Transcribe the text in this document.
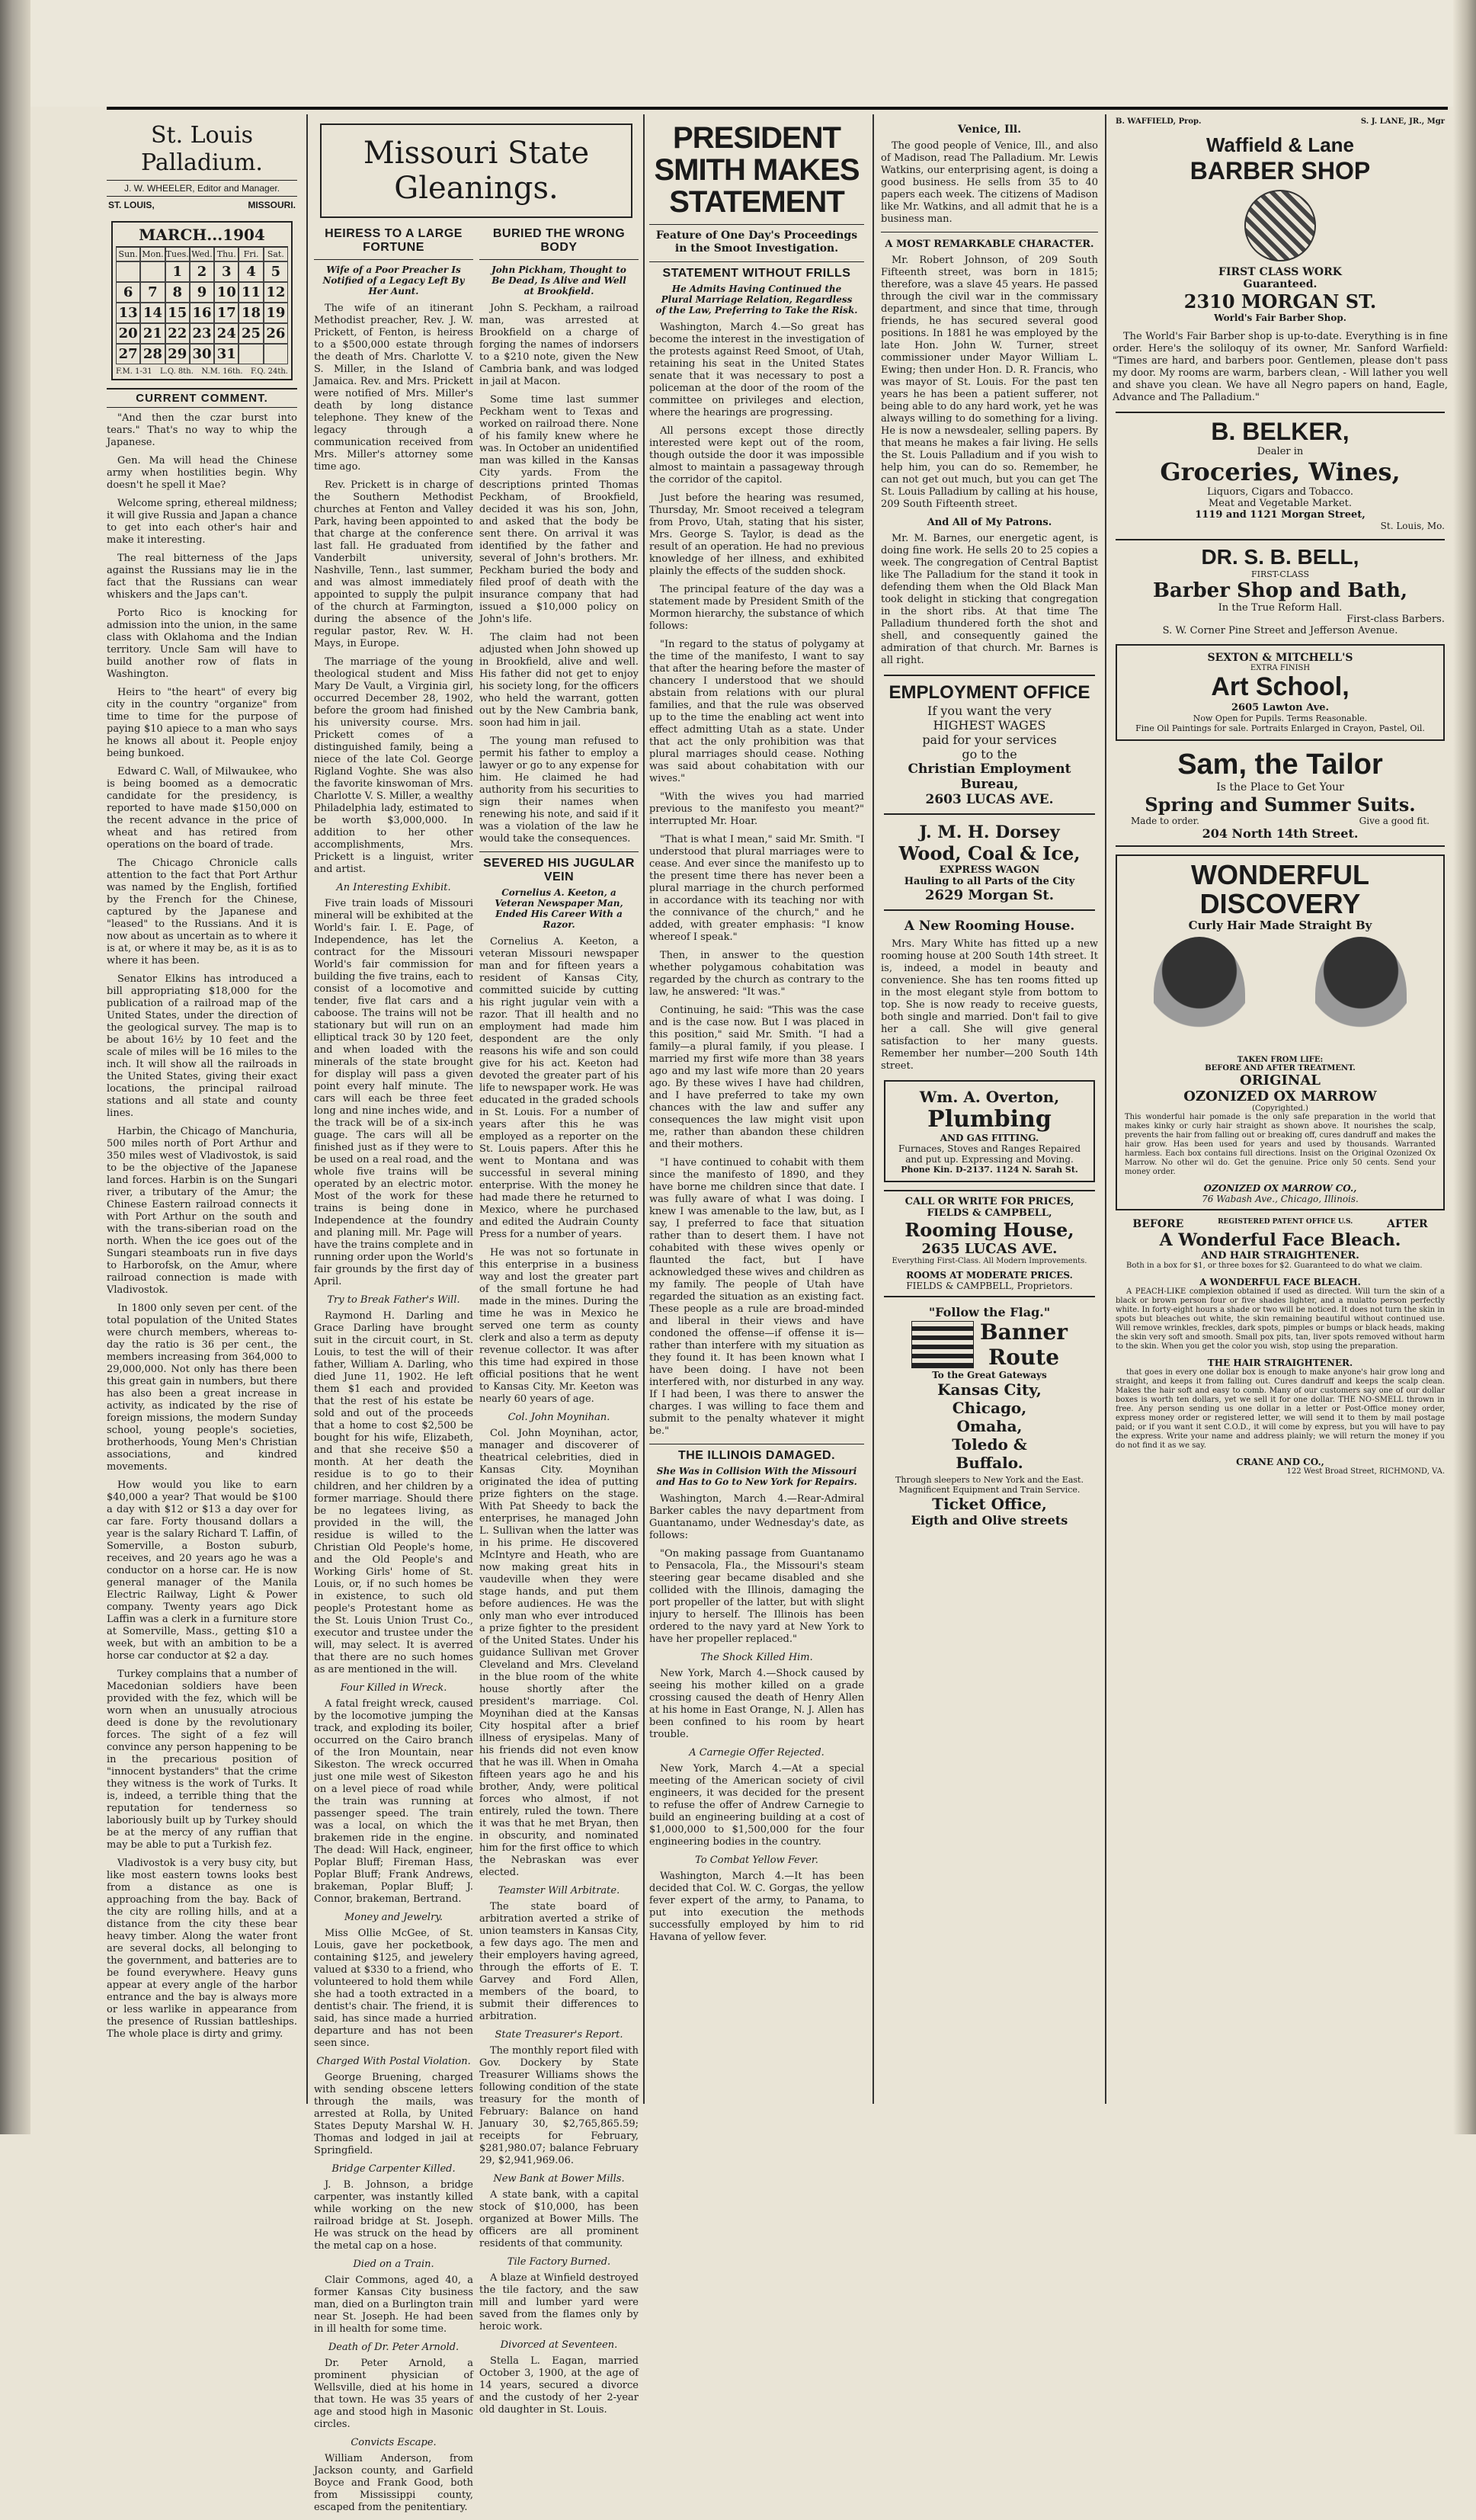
St. Louis Palladium.
J. W. WHEELER, Editor and Manager.
ST. LOUIS,	MISSOURI.
MARCH...1904
Sun. Mon. Tues. Wed. Thu. Fri.	Sat.
1	2	3	4	5
6	7	8	9 10 11 12
13 14 15 16 17 18 19
20 21 22 23 24 25 26
27 28 29 30 31
F.M. 1-31 L.Q. 8th. N.M. 16th. F.Q. 24th.
CURRENT COMMENT.

"And then the czar burst into tears." That's no way to whip the Japanese.

Gen. Ma will head the Chinese army when hostilities begin. Why doesn't he spell it Mae?

Welcome spring, ethereal mildness; it will give Russia and Japan a chance to get into each other's hair and make it interesting.

The real bitterness of the Japs against the Russians may lie in the fact that the Russians can wear whiskers and the Japs can't.

Porto Rico is knocking for admission into the union, in the same class with Oklahoma and the Indian territory. Uncle Sam will have to build another row of flats in Washington.

Heirs to "the heart" of every big city in the country "organize" from time to time for the purpose of paying $10 apiece to a man who says he knows all about it. People enjoy being bunkoed.

Edward C. Wall, of Milwaukee, who is being boomed as a democratic candidate for the presidency, is reported to have made $150,000 on the recent advance in the price of wheat and has retired from operations on the board of trade.

The Chicago Chronicle calls attention to the fact that Port Arthur was named by the English, fortified by the French for the Chinese, captured by the Japanese and "leased" to the Russians. And it is now about as uncertain as to where it is at, or where it may be, as it is as to where it has been.

Senator Elkins has introduced a bill appropriating $18,000 for the publication of a railroad map of the United States, under the direction of the geological survey. The map is to be about 16½ by 10 feet and the scale of miles will be 16 miles to the inch. It will show all the railroads in the United States, giving their exact locations, the principal railroad stations and all state and county lines.

Harbin, the Chicago of Manchuria, 500 miles north of Port Arthur and 350 miles west of Vladivostok, is said to be the objective of the Japanese land forces. Harbin is on the Sungari river, a tributary of the Amur; the Chinese Eastern railroad connects it with Port Arthur on the south and with the trans-siberian road on the north. When the ice goes out of the Sungari steamboats run in five days to Harborofsk, on the Amur, where railroad connection is made with Vladivostok.

In 1800 only seven per cent. of the total population of the United States were church members, whereas to-day the ratio is 36 per cent., the members increasing from 364,000 to 29,000,000. Not only has there been this great gain in numbers, but there has also been a great increase in activity, as indicated by the rise of foreign missions, the modern Sunday school, young people's societies, brotherhoods, Young Men's Christian associations, and kindred movements.

How would you like to earn $40,000 a year? That would be $100 a day with $12 or $13 a day over for car fare. Forty thousand dollars a year is the salary Richard T. Laffin, of Somerville, a Boston suburb, receives, and 20 years ago he was a conductor on a horse car. He is now general manager of the Manila Electric Railway, Light & Power company. Twenty years ago Dick Laffin was a clerk in a furniture store at Somerville, Mass., getting $10 a week, but with an ambition to be a horse car conductor at $2 a day.

Turkey complains that a number of Macedonian soldiers have been provided with the fez, which will be worn when an unusually atrocious deed is done by the revolutionary forces. The sight of a fez will convince any person happening to be in the precarious position of "innocent bystanders" that the crime they witness is the work of Turks. It is, indeed, a terrible thing that the reputation for tenderness so laboriously built up by Turkey should be at the mercy of any ruffian that may be able to put a Turkish fez.

Vladivostok is a very busy city, but like most eastern towns looks best from a distance as one is approaching from the bay. Back of the city are rolling hills, and at a distance from the city these bear heavy timber. Along the water front are several docks, all belonging to the government, and batteries are to be found everywhere. Heavy guns appear at every angle of the harbor entrance and the bay is always more or less warlike in appearance from the presence of Russian battleships. The whole place is dirty and grimy.

Missouri State Gleanings.
HEIRESS TO A LARGE FORTUNE
Wife of a Poor Preacher Is Notified of a Legacy Left By Her Aunt.

The wife of an itinerant Methodist preacher, Rev. J. W. Prickett, of Fenton, is heiress to a $500,000 estate through the death of Mrs. Charlotte V. S. Miller, in the Island of Jamaica. Rev. and Mrs. Prickett were notified of Mrs. Miller's death by long distance telephone. They knew of the legacy through a communication received from Mrs. Miller's attorney some time ago.

Rev. Prickett is in charge of the Southern Methodist churches at Fenton and Valley Park, having been appointed to that charge at the conference last fall. He graduated from Vanderbilt university, Nashville, Tenn., last summer, and was almost immediately appointed to supply the pulpit of the church at Farmington, during the absence of the regular pastor, Rev. W. H. Mays, in Europe.

The marriage of the young theological student and Miss Mary De Vault, a Virginia girl, occurred December 28, 1902, before the groom had finished his university course. Mrs. Prickett comes of a distinguished family, being a niece of the late Col. George Rigland Voghte. She was also the favorite kinswoman of Mrs. Charlotte V. S. Miller, a wealthy Philadelphia lady, estimated to be worth $3,000,000. In addition to her other accomplishments, Mrs. Prickett is a linguist, writer and artist.

An Interesting Exhibit.

Five train loads of Missouri mineral will be exhibited at the World's fair. I. E. Page, of Independence, has let the contract for the Missouri World's fair commission for building the five trains, each to consist of a locomotive and tender, five flat cars and a caboose. The trains will not be stationary but will run on an elliptical track 30 by 120 feet, and when loaded with the minerals of the state brought for display will pass a given point every half minute. The cars will each be three feet long and nine inches wide, and the track will be of a six-inch guage. The cars will all be finished just as if they were to be used on a real road, and the whole five trains will be operated by an electric motor. Most of the work for these trains is being done in Independence at the foundry and planing mill. Mr. Page will have the trains complete and in running order upon the World's fair grounds by the first day of April.

Try to Break Father's Will.

Raymond H. Darling and Grace Darling have brought suit in the circuit court, in St. Louis, to test the will of their father, William A. Darling, who died June 11, 1902. He left them $1 each and provided that the rest of his estate be sold and out of the proceeds that a home to cost $2,500 be bought for his wife, Elizabeth, and that she receive $50 a month. At her death the residue is to go to their children, and her children by a former marriage. Should there be no legatees living, as provided in the will, the residue is willed to the Christian Old People's home, and the Old People's and Working Girls' home of St. Louis, or, if no such homes be in existence, to such old people's Protestant home as the St. Louis Union Trust Co., executor and trustee under the will, may select. It is averred that there are no such homes as are mentioned in the will.

Four Killed in Wreck.

A fatal freight wreck, caused by the locomotive jumping the track, and exploding its boiler, occurred on the Cairo branch of the Iron Mountain, near Sikeston. The wreck occurred just one mile west of Sikeston on a level piece of road while the train was running at passenger speed. The train was a local, on which the brakemen ride in the engine. The dead: Will Hack, engineer, Poplar Bluff; Fireman Hass, Poplar Bluff; Frank Andrews, brakeman, Poplar Bluff; J. Connor, brakeman, Bertrand.

Money and Jewelry.

Miss Ollie McGee, of St. Louis, gave her pocketbook, containing $125, and jewelery valued at $330 to a friend, who volunteered to hold them while she had a tooth extracted in a dentist's chair. The friend, it is said, has since made a hurried departure and has not been seen since.

Charged With Postal Violation.

George Bruening, charged with sending obscene letters through the mails, was arrested at Rolla, by United States Deputy Marshal W. H. Thomas and lodged in jail at Springfield.

Bridge Carpenter Killed.

J. B. Johnson, a bridge carpenter, was instantly killed while working on the new railroad bridge at St. Joseph. He was struck on the head by the metal cap on a hose.

Died on a Train.

Clair Commons, aged 40, a former Kansas City business man, died on a Burlington train near St. Joseph. He had been in ill health for some time.

Death of Dr. Peter Arnold.

Dr. Peter Arnold, a prominent physician of Wellsville, died at his home in that town. He was 35 years of age and stood high in Masonic circles.

Convicts Escape.

William Anderson, from Jackson county, and Garfield Boyce and Frank Good, both from Mississippi county, escaped from the penitentiary.

BURIED THE WRONG BODY
John Pickham, Thought to Be Dead, Is Alive and Well at Brookfield.

John S. Peckham, a railroad man, was arrested at Brookfield on a charge of forging the names of indorsers to a $210 note, given the New Cambria bank, and was lodged in jail at Macon.

Some time last summer Peckham went to Texas and worked on railroad there. None of his family knew where he was. In October an unidentified man was killed in the Kansas City yards. From the descriptions printed Thomas Peckham, of Brookfield, decided it was his son, John, and asked that the body be sent there. On arrival it was identified by the father and several of John's brothers. Mr. Peckham buried the body and filed proof of death with the insurance company that had issued a $10,000 policy on John's life.

The claim had not been adjusted when John showed up in Brookfield, alive and well. His father did not get to enjoy his society long, for the officers who held the warrant, gotten out by the New Cambria bank, soon had him in jail.

The young man refused to permit his father to employ a lawyer or go to any expense for him. He claimed he had authority from his securities to sign their names when renewing his note, and said if it was a violation of the law he would take the consequences.

SEVERED HIS JUGULAR VEIN
Cornelius A. Keeton, a Veteran Newspaper Man, Ended His Career With a Razor.

Cornelius A. Keeton, a veteran Missouri newspaper man and for fifteen years a resident of Kansas City, committed suicide by cutting his right jugular vein with a razor. That ill health and no employment had made him despondent are the only reasons his wife and son could give for his act. Keeton had devoted the greater part of his life to newspaper work. He was educated in the graded schools in St. Louis. For a number of years after this he was employed as a reporter on the St. Louis papers. After this he went to Montana and was successful in several mining enterprise. With the money he had made there he returned to Mexico, where he purchased and edited the Audrain County Press for a number of years.

He was not so fortunate in this enterprise in a business way and lost the greater part of the small fortune he had made in the mines. During the time he was in Mexico he served one term as county clerk and also a term as deputy revenue collector. It was after this time had expired in those official positions that he went to Kansas City. Mr. Keeton was nearly 60 years of age.

Col. John Moynihan.

Col. John Moynihan, actor, manager and discoverer of theatrical celebrities, died in Kansas City. Moynihan originated the idea of putting prize fighters on the stage. With Pat Sheedy to back the enterprises, he managed John L. Sullivan when the latter was in his prime. He discovered McIntyre and Heath, who are now making great hits in vaudeville when they were stage hands, and put them before audiences. He was the only man who ever introduced a prize fighter to the president of the United States. Under his guidance Sullivan met Grover Cleveland and Mrs. Cleveland in the blue room of the white house shortly after the president's marriage. Col. Moynihan died at the Kansas City hospital after a brief illness of erysipelas. Many of his friends did not even know that he was ill. When in Omaha fifteen years ago he and his brother, Andy, were political forces who almost, if not entirely, ruled the town. There it was that he met Bryan, then in obscurity, and nominated him for the first office to which the Nebraskan was ever elected.

Teamster Will Arbitrate.

The state board of arbitration averted a strike of union teamsters in Kansas City, a few days ago. The men and their employers having agreed, through the efforts of E. T. Garvey and Ford Allen, members of the board, to submit their differences to arbitration.

State Treasurer's Report.

The monthly report filed with Gov. Dockery by State Treasurer Williams shows the following condition of the state treasury for the month of February: Balance on hand January 30, $2,765,865.59; receipts for February, $281,980.07; balance February 29, $2,941,969.06.

New Bank at Bower Mills.

A state bank, with a capital stock of $10,000, has been organized at Bower Mills. The officers are all prominent residents of that community.

Tile Factory Burned.

A blaze at Winfield destroyed the tile factory, and the saw mill and lumber yard were saved from the flames only by heroic work.

Divorced at Seventeen.

Stella L. Eagan, married October 3, 1900, at the age of 14 years, secured a divorce and the custody of her 2-year old daughter in St. Louis.

PRESIDENT SMITH MAKES STATEMENT
Feature of One Day's Proceedings in the Smoot Investigation.
STATEMENT WITHOUT FRILLS
He Admits Having Continued the Plural Marriage Relation, Regardless of the Law, Preferring to Take the Risk.

Washington, March 4.—So great has become the interest in the investigation of the protests against Reed Smoot, of Utah, retaining his seat in the United States senate that it was necessary to post a policeman at the door of the room of the committee on privileges and election, where the hearings are progressing.

All persons except those directly interested were kept out of the room, though outside the door it was impossible almost to maintain a passageway through the corridor of the capitol.

Just before the hearing was resumed, Thursday, Mr. Smoot received a telegram from Provo, Utah, stating that his sister, Mrs. George S. Taylor, is dead as the result of an operation. He had no previous knowledge of her illness, and exhibited plainly the effects of the sudden shock.

The principal feature of the day was a statement made by President Smith of the Mormon hierarchy, the substance of which follows:

"In regard to the status of polygamy at the time of the manifesto, I want to say that after the hearing before the master of chancery I understood that we should abstain from relations with our plural families, and that the rule was observed up to the time the enabling act went into effect admitting Utah as a state. Under that act the only prohibition was that plural marriages should cease. Nothing was said about cohabitation with our wives."

"With the wives you had married previous to the manifesto you meant?" interrupted Mr. Hoar.

"That is what I mean," said Mr. Smith. "I understood that plural marriages were to cease. And ever since the manifesto up to the present time there has never been a plural marriage in the church performed in accordance with its teaching nor with the connivance of the church," and he added, with greater emphasis: "I know whereof I speak."

Then, in answer to the question whether polygamous cohabitation was regarded by the church as contrary to the law, he answered: "It was."

Continuing, he said: "This was the case and is the case now. But I was placed in this position," said Mr. Smith. "I had a family—a plural family, if you please. I married my first wife more than 38 years ago and my last wife more than 20 years ago. By these wives I have had children, and I have preferred to take my own chances with the law and suffer any consequences the law might visit upon me, rather than abandon these children and their mothers.

"I have continued to cohabit with them since the manifesto of 1890, and they have borne me children since that date. I was fully aware of what I was doing. I knew I was amenable to the law, but, as I say, I preferred to face that situation rather than to desert them. I have not cohabited with these wives openly or flaunted the fact, but I have acknowledged these wives and children as my family. The people of Utah have regarded the situation as an existing fact. These people as a rule are broad-minded and liberal in their views and have condoned the offense—if offense it is—rather than interfere with my situation as they found it. It has been known what I have been doing. I have not been interfered with, nor disturbed in any way. If I had been, I was there to answer the charges. I was willing to face them and submit to the penalty whatever it might be."

THE ILLINOIS DAMAGED.
She Was in Collision With the Missouri and Has to Go to New York for Repairs.

Washington, March 4.—Rear-Admiral Barker cables the navy department from Guantanamo, under Wednesday's date, as follows:

"On making passage from Guantanamo to Pensacola, Fla., the Missouri's steam steering gear became disabled and she collided with the Illinois, damaging the port propeller of the latter, but with slight injury to herself. The Illinois has been ordered to the navy yard at New York to have her propeller replaced."

The Shock Killed Him.

New York, March 4.—Shock caused by seeing his mother killed on a grade crossing caused the death of Henry Allen at his home in East Orange, N. J. Allen has been confined to his room by heart trouble.

A Carnegie Offer Rejected.

New York, March 4.—At a special meeting of the American society of civil engineers, it was decided for the present to refuse the offer of Andrew Carnegie to build an engineering building at a cost of $1,000,000 to $1,500,000 for the four engineering bodies in the country.

To Combat Yellow Fever.

Washington, March 4.—It has been decided that Col. W. C. Gorgas, the yellow fever expert of the army, to Panama, to put into execution the methods successfully employed by him to rid Havana of yellow fever.

Venice, Ill.

The good people of Venice, Ill., and also of Madison, read The Palladium. Mr. Lewis Watkins, our enterprising agent, is doing a good business. He sells from 35 to 40 papers each week. The citizens of Madison like Mr. Watkins, and all admit that he is a business man.

A MOST REMARKABLE CHARACTER.

Mr. Robert Johnson, of 209 South Fifteenth street, was born in 1815; therefore, was a slave 45 years. He passed through the civil war in the commissary department, and since that time, through friends, he has secured several good positions. In 1881 he was employed by the late Hon. John W. Turner, street commissioner under Mayor William L. Ewing; then under Hon. D. R. Francis, who was mayor of St. Louis. For the past ten years he has been a patient sufferer, not being able to do any hard work, yet he was always willing to do something for a living. He is now a newsdealer, selling papers. By that means he makes a fair living. He sells the St. Louis Palladium and if you wish to help him, you can do so. Remember, he can not get out much, but you can get The St. Louis Palladium by calling at his house, 209 South Fifteenth street.

And All of My Patrons.

Mr. M. Barnes, our energetic agent, is doing fine work. He sells 20 to 25 copies a week. The congregation of Central Baptist like The Palladium for the stand it took in defending them when the Old Black Man took delight in sticking that congregation in the short ribs. At that time The Palladium thundered forth the shot and shell, and consequently gained the admiration of that church. Mr. Barnes is all right.

EMPLOYMENT OFFICE
If you want the very
HIGHEST WAGES
paid for your services
go to the
Christian Employment Bureau,
2603 LUCAS AVE.
J. M. H. Dorsey
Wood, Coal & Ice,
EXPRESS WAGON
Hauling to all Parts of the City
2629 Morgan St.
A New Rooming House.

Mrs. Mary White has fitted up a new rooming house at 200 South 14th street. It is, indeed, a model in beauty and convenience. She has ten rooms fitted up in the most elegant style from bottom to top. She is now ready to receive guests, both single and married. Don't fail to give her a call. She will give general satisfaction to her many guests. Remember her number—200 South 14th street.

Wm. A. Overton,
Plumbing
AND GAS FITTING.
Furnaces, Stoves and Ranges Repaired and put up. Expressing and Moving.
Phone Kin. D-2137. 1124 N. Sarah St.
CALL OR WRITE FOR PRICES,
FIELDS & CAMPBELL,
Rooming House,
2635 LUCAS AVE.
Everything First-Class. All Modern Improvements.
ROOMS AT MODERATE PRICES.
FIELDS & CAMPBELL, Proprietors.
"Follow the Flag."
Banner
Route
To the Great Gateways
Kansas City,
Chicago,
Omaha,
Toledo &
Buffalo.
Through sleepers to New York and the East. Magnificent Equipment and Train Service.
Ticket Office,
Eigth and Olive streets
B. WAFFIELD, Prop.	S. J. LANE, JR., Mgr
Waffield & Lane
BARBER SHOP
FIRST CLASS WORK
Guaranteed.
2310 MORGAN ST.
World's Fair Barber Shop.

The World's Fair Barber shop is up-to-date. Everything is in fine order. Here's the soliloquy of its owner, Mr. Sanford Warfield: "Times are hard, and barbers poor. Gentlemen, please don't pass my door. My rooms are warm, barbers clean, - Will lather you well and shave you clean. We have all Negro papers on hand, Eagle, Advance and The Palladium."

B. BELKER,
Dealer in
Groceries, Wines,
Liquors, Cigars and Tobacco.
Meat and Vegetable Market.
1119 and 1121 Morgan Street,
St. Louis, Mo.
DR. S. B. BELL,
FIRST-CLASS
Barber Shop and Bath,
In the True Reform Hall.
First-class Barbers.
S. W. Corner Pine Street and Jefferson Avenue.
SEXTON & MITCHELL'S
EXTRA FINISH
Art School,
2605 Lawton Ave.
Now Open for Pupils. Terms Reasonable.
Fine Oil Paintings for sale. Portraits Enlarged in Crayon, Pastel, Oil.
Sam, the Tailor
Is the Place to Get Your
Spring and Summer Suits.
Made to order.	Give a good fit.
204 North 14th Street.
WONDERFUL
DISCOVERY
Curly Hair Made Straight By
TAKEN FROM LIFE:
BEFORE AND AFTER TREATMENT.
ORIGINAL
OZONIZED OX MARROW
(Copyrighted.)

This wonderful hair pomade is the only safe preparation in the world that makes kinky or curly hair straight as shown above. It nourishes the scalp, prevents the hair from falling out or breaking off, cures dandruff and makes the hair grow. Has been used for years and used by thousands. Warranted harmless. Each box contains full directions. Insist on the Original Ozonized Ox Marrow. No other wil do. Get the genuine. Price only 50 cents. Send your money order.

OZONIZED OX MARROW CO.,
76 Wabash Ave., Chicago, Illinois.
BEFORE	REGISTERED PATENT OFFICE U.S.	AFTER
A Wonderful Face Bleach.
AND HAIR STRAIGHTENER.

Both in a box for $1, or three boxes for $2. Guaranteed to do what we claim.

A WONDERFUL FACE BLEACH.

A PEACH-LIKE complexion obtained if used as directed. Will turn the skin of a black or brown person four or five shades lighter, and a mulatto person perfectly white. In forty-eight hours a shade or two will be noticed. It does not turn the skin in spots but bleaches out white, the skin remaining beautiful without continued use. Will remove wrinkles, freckles, dark spots, pimples or bumps or black heads, making the skin very soft and smooth. Small pox pits, tan, liver spots removed without harm to the skin. When you get the color you wish, stop using the preparation.

THE HAIR STRAIGHTENER.

that goes in every one dollar box is enough to make anyone's hair grow long and straight, and keeps it from falling out. Cures dandruff and keeps the scalp clean. Makes the hair soft and easy to comb. Many of our customers say one of our dollar boxes is worth ten dollars, yet we sell it for one dollar. THE NO-SMELL thrown in free. Any person sending us one dollar in a letter or Post-Office money order, express money order or registered letter, we will send it to them by mail postage paid; or if you want it sent C.O.D., it will come by express, but you will have to pay the express. Write your name and address plainly; we will return the money if you do not find it as we say.

CRANE AND CO.,
122 West Broad Street, RICHMOND, VA.
